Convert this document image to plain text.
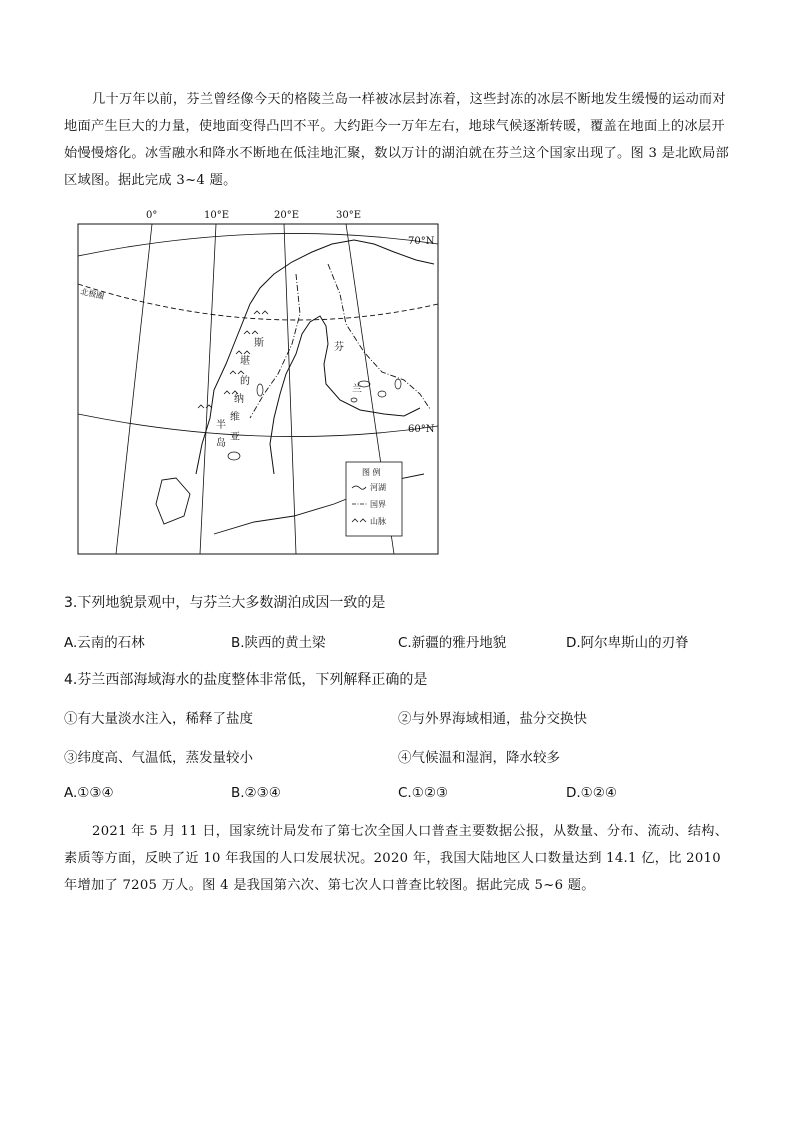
几十万年以前，芬兰曾经像今天的格陵兰岛一样被冰层封冻着，这些封冻的冰层不断地发生缓慢的运动而对地面产生巨大的力量，使地面变得凸凹不平。大约距今一万年左右，地球气候逐渐转暖，覆盖在地面上的冰层开始慢慢熔化。冰雪融水和降水不断地在低洼地汇聚，数以万计的湖泊就在芬兰这个国家出现了。图 3 是北欧局部区域图。据此完成 3~4 题。

0°	10°E	20°E	30°E
70°N
60°N
北极圈
斯
堪
的
纳
维
亚
半
岛
芬
兰
图 例
河湖
国界
山脉

3.下列地貌景观中，与芬兰大多数湖泊成因一致的是

A.云南的石林	B.陕西的黄土梁	C.新疆的雅丹地貌	D.阿尔卑斯山的刃脊

4.芬兰西部海域海水的盐度整体非常低，下列解释正确的是

①有大量淡水注入，稀释了盐度	②与外界海域相通，盐分交换快
③纬度高、气温低，蒸发量较小	④气候温和湿润，降水较多
A.①③④	B.②③④	C.①②③	D.①②④

2021 年 5 月 11 日，国家统计局发布了第七次全国人口普查主要数据公报，从数量、分布、流动、结构、素质等方面，反映了近 10 年我国的人口发展状况。2020 年，我国大陆地区人口数量达到 14.1 亿，比 2010 年增加了 7205 万人。图 4 是我国第六次、第七次人口普查比较图。据此完成 5~6 题。
